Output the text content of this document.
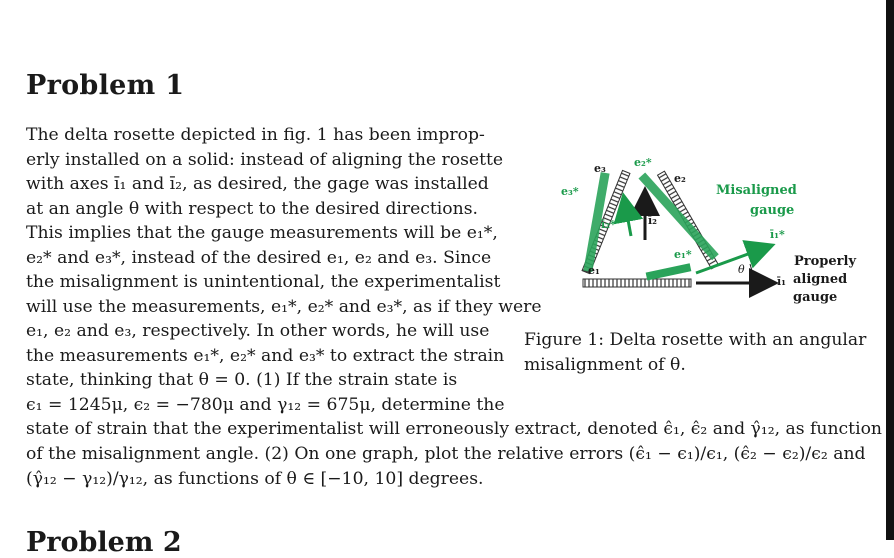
Problem 1
The delta rosette depicted in fig. 1 has been improp-
erly installed on a solid: instead of aligning the rosette
with axes ı̄₁ and ı̄₂, as desired, the gage was installed
at an angle θ with respect to the desired directions.
This implies that the gauge measurements will be e₁*,
e₂* and e₃*, instead of the desired e₁, e₂ and e₃. Since
the misalignment is unintentional, the experimentalist
will use the measurements, e₁*, e₂* and e₃*, as if they were
e₁, e₂ and e₃, respectively. In other words, he will use
the measurements e₁*, e₂* and e₃* to extract the strain
state, thinking that θ = 0. (1) If the strain state is
ϵ₁ = 1245μ, ϵ₂ = −780μ and γ₁₂ = 675μ, determine the
state of strain that the experimentalist will erroneously extract, denoted ϵ̂₁, ϵ̂₂ and γ̂₁₂, as function
of the misalignment angle. (2) On one graph, plot the relative errors (ϵ̂₁ − ϵ₁)/ϵ₁, (ϵ̂₂ − ϵ₂)/ϵ₂ and
(γ̂₁₂ − γ₁₂)/γ₁₂, as functions of θ ∈ [−10, 10] degrees.
θ
e₃
e₃*
e₂*
e₂
e₁
e₁*
ī₂
ī₂*
ī₁
ī₁*
Misaligned
gauge
Properly
aligned
gauge
Figure 1: Delta rosette with an angular
misalignment of θ.
Problem 2
